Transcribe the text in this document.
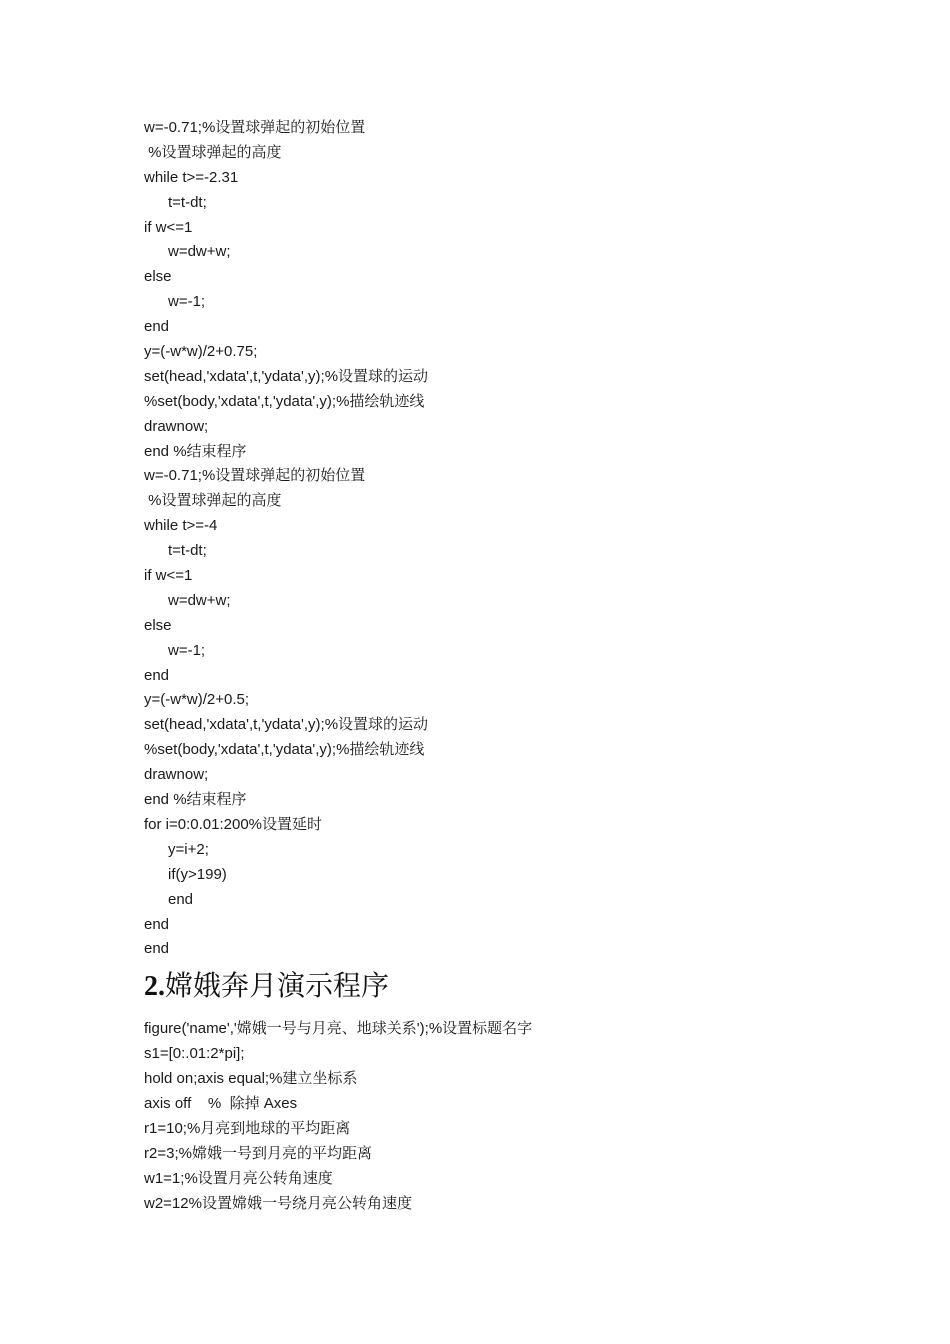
w=-0.71;%设置球弹起的初始位置
%设置球弹起的高度
while t>=-2.31
t=t-dt;
if w<=1
w=dw+w;
else
w=-1;
end
y=(-w*w)/2+0.75;
set(head,'xdata',t,'ydata',y);%设置球的运动
%set(body,'xdata',t,'ydata',y);%描绘轨迹线
drawnow;
end %结束程序
w=-0.71;%设置球弹起的初始位置
%设置球弹起的高度
while t>=-4
t=t-dt;
if w<=1
w=dw+w;
else
w=-1;
end
y=(-w*w)/2+0.5;
set(head,'xdata',t,'ydata',y);%设置球的运动
%set(body,'xdata',t,'ydata',y);%描绘轨迹线
drawnow;
end %结束程序
for i=0:0.01:200%设置延时
y=i+2;
if(y>199)
end
end
end
2.嫦娥奔月演示程序
figure('name','嫦娥一号与月亮、地球关系');%设置标题名字
s1=[0:.01:2*pi];
hold on;axis equal;%建立坐标系
axis off    %  除掉 Axes
r1=10;%月亮到地球的平均距离
r2=3;%嫦娥一号到月亮的平均距离
w1=1;%设置月亮公转角速度
w2=12%设置嫦娥一号绕月亮公转角速度
